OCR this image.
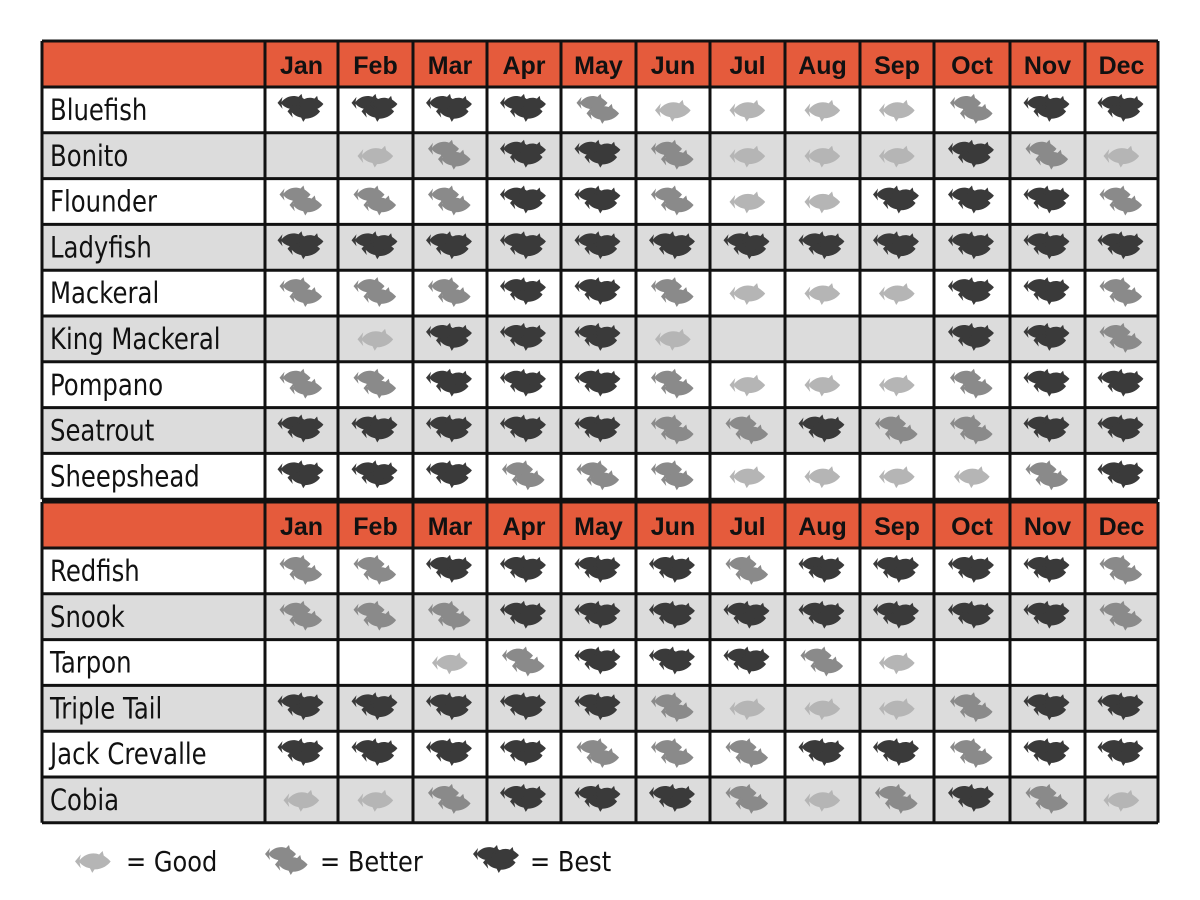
Jan Feb Mar Apr May Jun Jul Aug Sep Oct Nov Dec
Bluefish
Bonito
Flounder
Ladyfish
Mackeral
King Mackeral
Pompano
Seatrout
Sheepshead
Jan Feb Mar Apr May Jun Jul Aug Sep Oct Nov Dec
Redfish
Snook
Tarpon
Triple Tail
Jack Crevalle
Cobia
= Good	= Better	= Best
